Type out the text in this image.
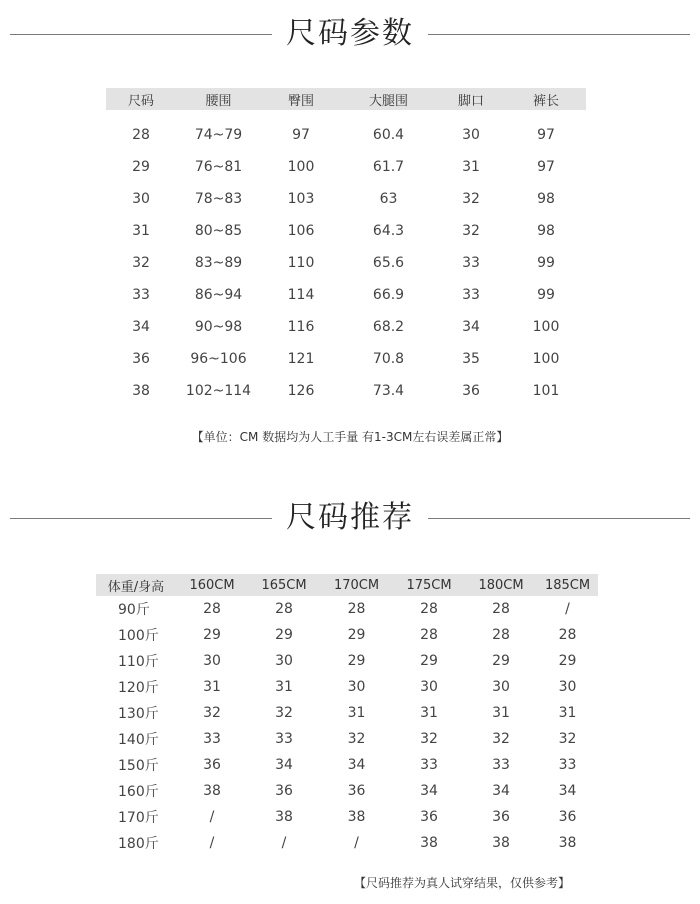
尺码参数
尺码	腰围	臀围	大腿围	脚口	裤长
28	74~79	97	60.4	30	97
29	76~81	100	61.7	31	97
30	78~83	103	63	32	98
31	80~85	106	64.3	32	98
32	83~89	110	65.6	33	99
33	86~94	114	66.9	33	99
34	90~98	116	68.2	34	100
36	96~106	121	70.8	35	100
38	102~114	126	73.4	36	101
【单位：CM 数据均为人工手量 有1-3CM左右误差属正常】
尺码推荐
体重/身高	160CM	165CM	170CM	175CM	180CM	185CM
90斤	28	28	28	28	28	/
100斤	29	29	29	28	28	28
110斤	30	30	29	29	29	29
120斤	31	31	30	30	30	30
130斤	32	32	31	31	31	31
140斤	33	33	32	32	32	32
150斤	36	34	34	33	33	33
160斤	38	36	36	34	34	34
170斤	/	38	38	36	36	36
180斤	/	/	/	38	38	38
【尺码推荐为真人试穿结果，仅供参考】
